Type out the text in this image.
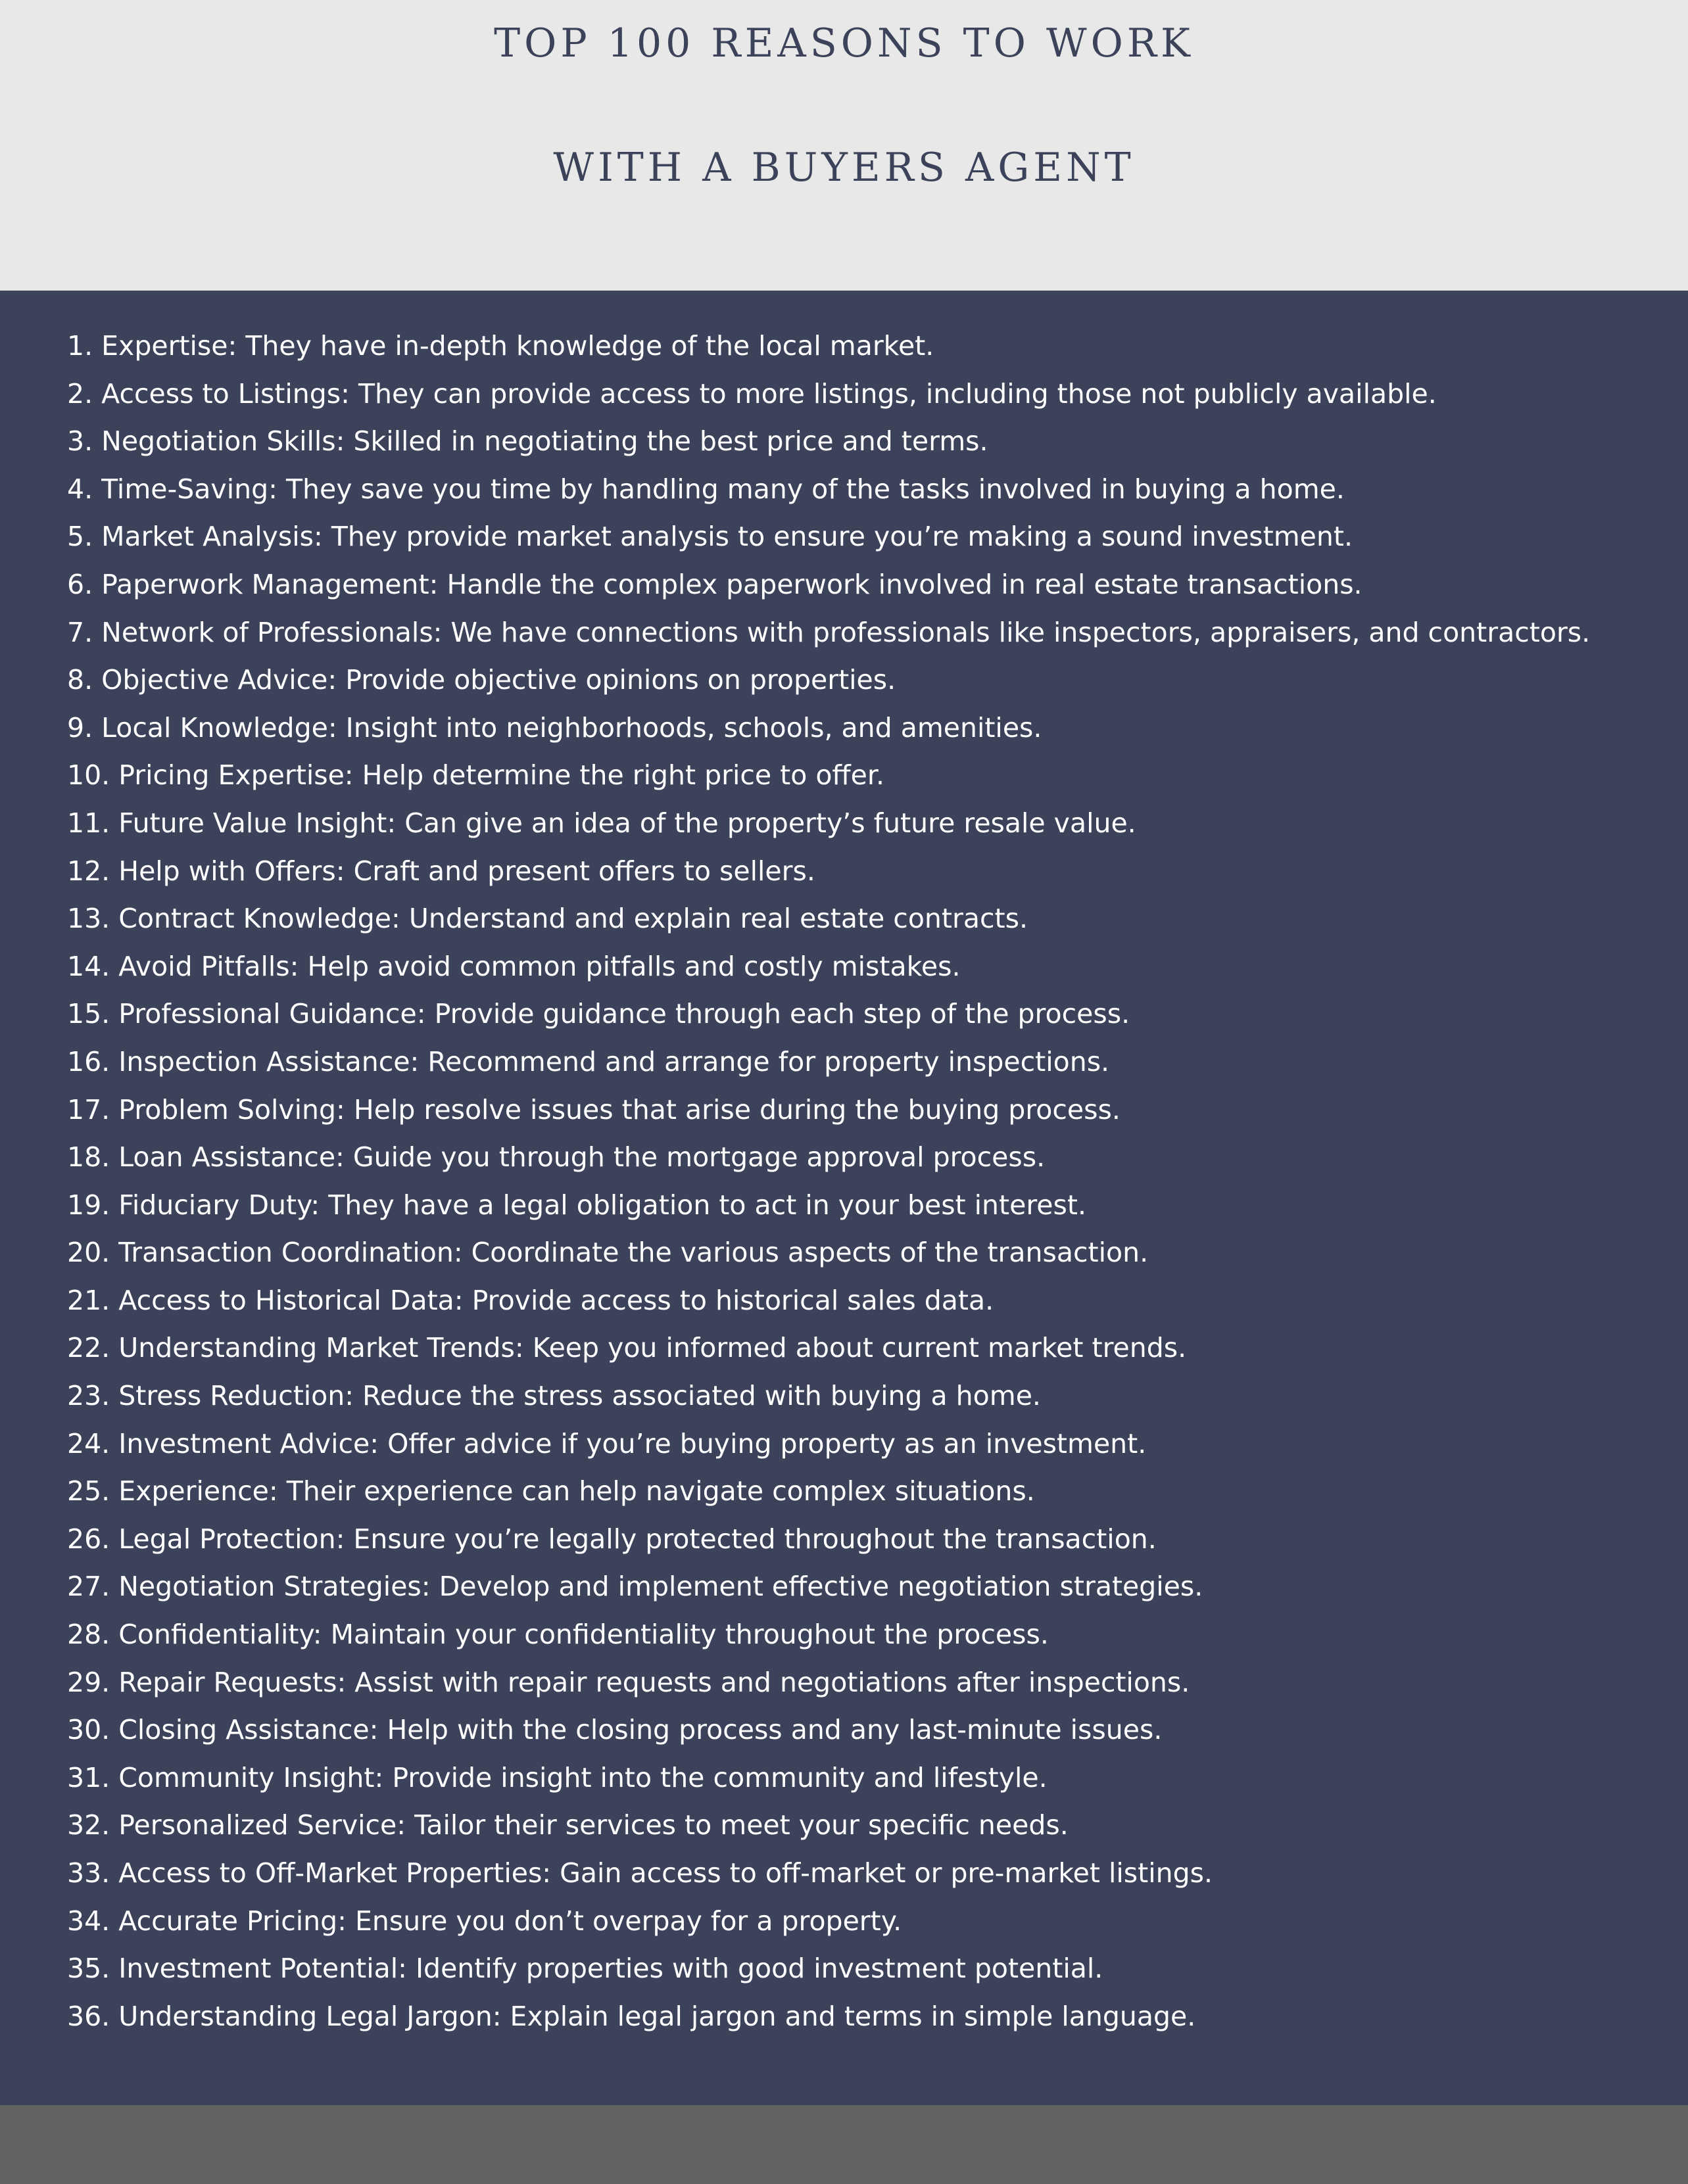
TOP 100 REASONS TO WORK
WITH A BUYERS AGENT
1. Expertise: They have in-depth knowledge of the local market.
2. Access to Listings: They can provide access to more listings, including those not publicly available.
3. Negotiation Skills: Skilled in negotiating the best price and terms.
4. Time-Saving: They save you time by handling many of the tasks involved in buying a home.
5. Market Analysis: They provide market analysis to ensure you’re making a sound investment.
6. Paperwork Management: Handle the complex paperwork involved in real estate transactions.
7. Network of Professionals: We have connections with professionals like inspectors, appraisers, and contractors.
8. Objective Advice: Provide objective opinions on properties.
9. Local Knowledge: Insight into neighborhoods, schools, and amenities.
10. Pricing Expertise: Help determine the right price to offer.
11. Future Value Insight: Can give an idea of the property’s future resale value.
12. Help with Offers: Craft and present offers to sellers.
13. Contract Knowledge: Understand and explain real estate contracts.
14. Avoid Pitfalls: Help avoid common pitfalls and costly mistakes.
15. Professional Guidance: Provide guidance through each step of the process.
16. Inspection Assistance: Recommend and arrange for property inspections.
17. Problem Solving: Help resolve issues that arise during the buying process.
18. Loan Assistance: Guide you through the mortgage approval process.
19. Fiduciary Duty: They have a legal obligation to act in your best interest.
20. Transaction Coordination: Coordinate the various aspects of the transaction.
21. Access to Historical Data: Provide access to historical sales data.
22. Understanding Market Trends: Keep you informed about current market trends.
23. Stress Reduction: Reduce the stress associated with buying a home.
24. Investment Advice: Offer advice if you’re buying property as an investment.
25. Experience: Their experience can help navigate complex situations.
26. Legal Protection: Ensure you’re legally protected throughout the transaction.
27. Negotiation Strategies: Develop and implement effective negotiation strategies.
28. Confidentiality: Maintain your confidentiality throughout the process.
29. Repair Requests: Assist with repair requests and negotiations after inspections.
30. Closing Assistance: Help with the closing process and any last-minute issues.
31. Community Insight: Provide insight into the community and lifestyle.
32. Personalized Service: Tailor their services to meet your specific needs.
33. Access to Off-Market Properties: Gain access to off-market or pre-market listings.
34. Accurate Pricing: Ensure you don’t overpay for a property.
35. Investment Potential: Identify properties with good investment potential.
36. Understanding Legal Jargon: Explain legal jargon and terms in simple language.
